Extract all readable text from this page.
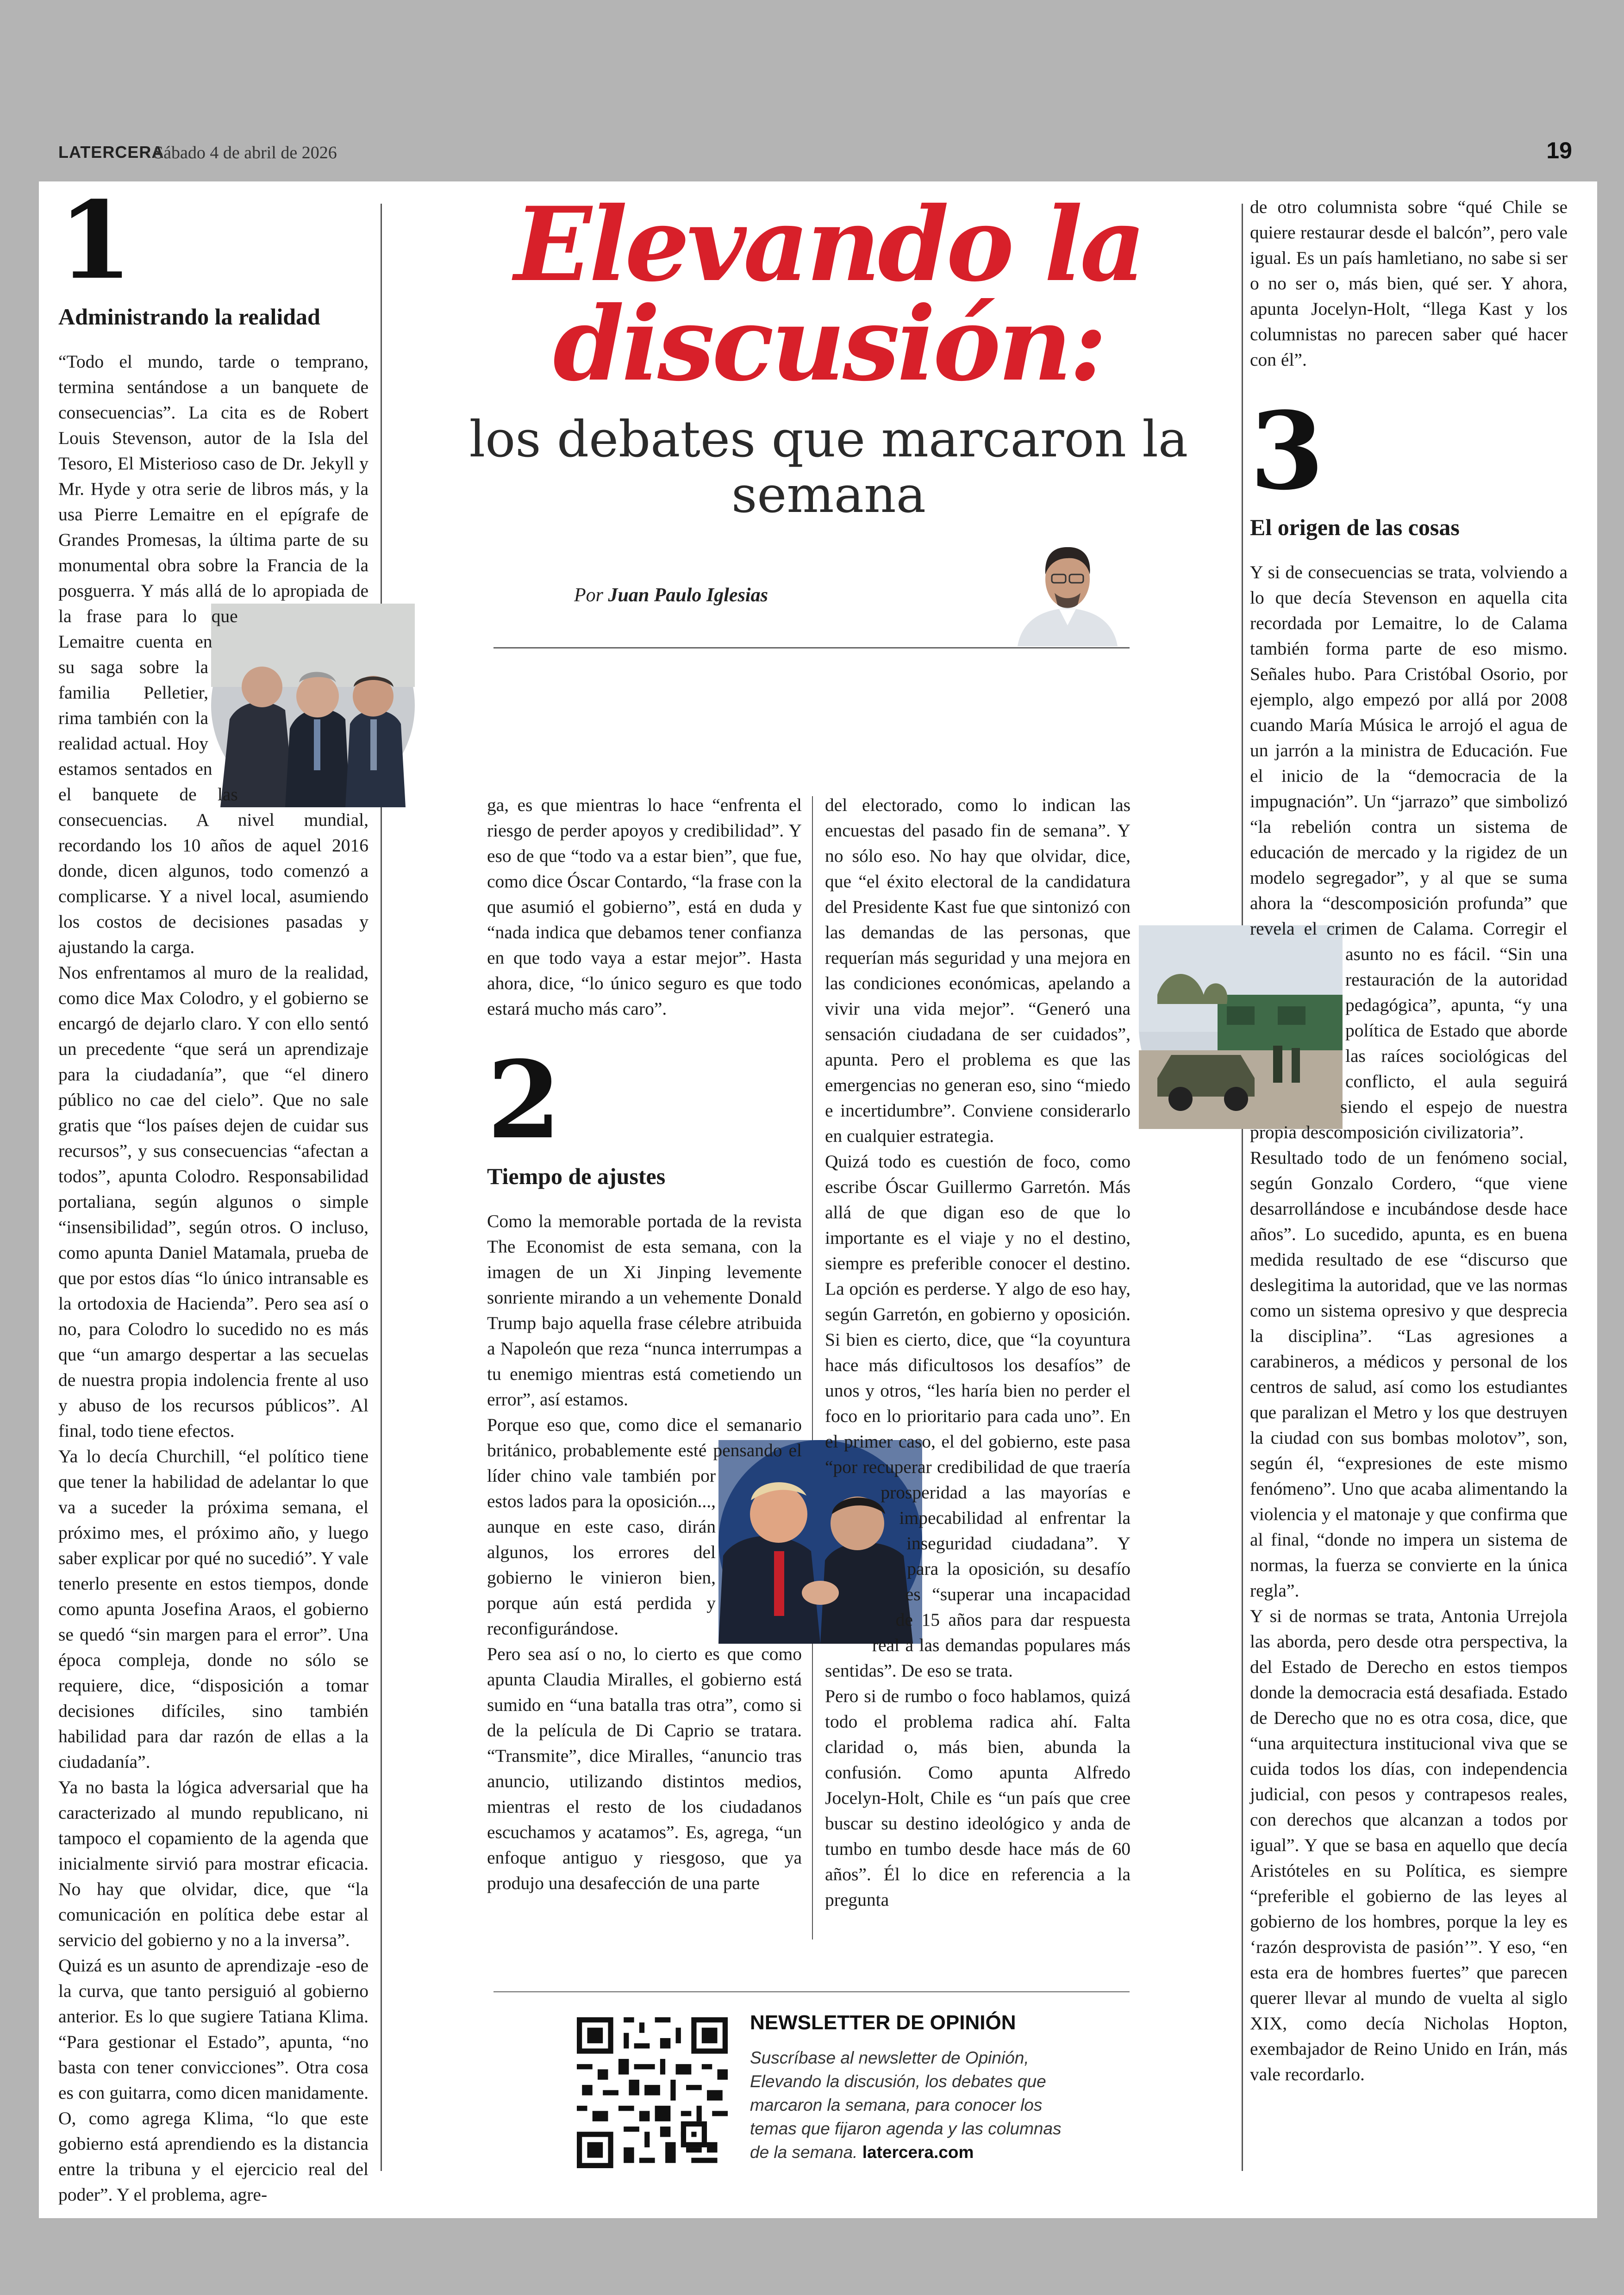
LATERCERA
Sábado 4 de abril de 2026	19
Elevando la
discusión:
los debates que marcaron la semana
Por Juan Paulo Iglesias
1
Administrando la realidad

“Todo el mundo, tarde o temprano, termina sentándose a un banquete de consecuencias”. La cita es de Robert Louis Stevenson, autor de la Isla del Tesoro, El Misterioso caso de Dr. Jekyll y Mr. Hyde y otra serie de libros más, y la usa Pierre Lemaitre en el epígrafe de Grandes Promesas, la última parte de su monumental obra sobre la Francia de la posguerra. Y más allá de lo apropiada de la frase para lo que Lemaitre cuenta en su saga sobre la familia Pelletier, rima también con la realidad actual. Hoy estamos sentados en el banquete de las consecuencias. A nivel mundial, recordando los 10 años de aquel 2016 donde, dicen algunos, todo comenzó a complicarse. Y a nivel local, asumiendo los costos de decisiones pasadas y ajustando la carga.

Nos enfrentamos al muro de la realidad, como dice Max Colodro, y el gobierno se encargó de dejarlo claro. Y con ello sentó un precedente “que será un aprendizaje para la ciudadanía”, que “el dinero público no cae del cielo”. Que no sale gratis que “los países dejen de cuidar sus recursos”, y sus consecuencias “afectan a todos”, apunta Colodro. Responsabilidad portaliana, según algunos o simple “insensibilidad”, según otros. O incluso, como apunta Daniel Matamala, prueba de que por estos días “lo único intransable es la ortodoxia de Hacienda”. Pero sea así o no, para Colodro lo sucedido no es más que “un amargo despertar a las secuelas de nuestra propia indolencia frente al uso y abuso de los recursos públicos”. Al final, todo tiene efectos.

Ya lo decía Churchill, “el político tiene que tener la habilidad de adelantar lo que va a suceder la próxima semana, el próximo mes, el próximo año, y luego saber explicar por qué no sucedió”. Y vale tenerlo presente en estos tiempos, donde como apunta Josefina Araos, el gobierno se quedó “sin margen para el error”. Una época compleja, donde no sólo se requiere, dice, “disposición a tomar decisiones difíciles, sino también habilidad para dar razón de ellas a la ciudadanía”.

Ya no basta la lógica adversarial que ha caracterizado al mundo republicano, ni tampoco el copamiento de la agenda que inicialmente sirvió para mostrar eficacia. No hay que olvidar, dice, que “la comunicación en política debe estar al servicio del gobierno y no a la inversa”.

Quizá es un asunto de aprendizaje -eso de la curva, que tanto persiguió al gobierno anterior. Es lo que sugiere Tatiana Klima. “Para gestionar el Estado”, apunta, “no basta con tener convicciones”. Otra cosa es con guitarra, como dicen manidamente. O, como agrega Klima, “lo que este gobierno está aprendiendo es la distancia entre la tribuna y el ejercicio real del poder”. Y el problema, agre-

ga, es que mientras lo hace “enfrenta el riesgo de perder apoyos y credibilidad”. Y eso de que “todo va a estar bien”, que fue, como dice Óscar Contardo, “la frase con la que asumió el gobierno”, está en duda y “nada indica que debamos tener confianza en que todo vaya a estar mejor”. Hasta ahora, dice, “lo único seguro es que todo estará mucho más caro”.

2
Tiempo de ajustes

Como la memorable portada de la revista The Economist de esta semana, con la imagen de un Xi Jinping levemente sonriente mirando a un vehemente Donald Trump bajo aquella frase célebre atribuida a Napoleón que reza “nunca interrumpas a tu enemigo mientras está cometiendo un error”, así estamos.

Porque eso que, como dice el semanario británico, probablemente esté pensando el líder chino vale también por estos lados para la oposición..., aunque en este caso, dirán algunos, los errores del gobierno le vinieron bien, porque aún está perdida y reconfigurándose.

Pero sea así o no, lo cierto es que como apunta Claudia Miralles, el gobierno está sumido en “una batalla tras otra”, como si de la película de Di Caprio se tratara. “Transmite”, dice Miralles, “anuncio tras anuncio, utilizando distintos medios, mientras el resto de los ciudadanos escuchamos y acatamos”. Es, agrega, “un enfoque antiguo y riesgoso, que ya produjo una desafección de una parte

del electorado, como lo indican las encuestas del pasado fin de semana”. Y no sólo eso. No hay que olvidar, dice, que “el éxito electoral de la candidatura del Presidente Kast fue que sintonizó con las demandas de las personas, que requerían más seguridad y una mejora en las condiciones económicas, apelando a vivir una vida mejor”. “Generó una sensación ciudadana de ser cuidados”, apunta. Pero el problema es que las emergencias no generan eso, sino “miedo e incertidumbre”. Conviene considerarlo en cualquier estrategia.

Quizá todo es cuestión de foco, como escribe Óscar Guillermo Garretón. Más allá de que digan eso de que lo importante es el viaje y no el destino, siempre es preferible conocer el destino. La opción es perderse. Y algo de eso hay, según Garretón, en gobierno y oposición. Si bien es cierto, dice, que “la coyuntura hace más dificultosos los desafíos” de unos y otros, “les haría bien no perder el foco en lo prioritario para cada uno”. En el primer caso, el del gobierno, este pasa “por recuperar credibilidad de que traería prosperidad a las mayorías e impecabilidad al enfrentar la inseguridad ciudadana”. Y para la oposición, su desafío es “superar una incapacidad de 15 años para dar respuesta real a las demandas populares más sentidas”. De eso se trata.

Pero si de rumbo o foco hablamos, quizá todo el problema radica ahí. Falta claridad o, más bien, abunda la confusión. Como apunta Alfredo Jocelyn-Holt, Chile es “un país que cree buscar su destino ideológico y anda de tumbo en tumbo desde hace más de 60 años”. Él lo dice en referencia a la pregunta

de otro columnista sobre “qué Chile se quiere restaurar desde el balcón”, pero vale igual. Es un país hamletiano, no sabe si ser o no ser o, más bien, qué ser. Y ahora, apunta Jocelyn-Holt, “llega Kast y los columnistas no parecen saber qué hacer con él”.

3
El origen de las cosas

Y si de consecuencias se trata, volviendo a lo que decía Stevenson en aquella cita recordada por Lemaitre, lo de Calama también forma parte de eso mismo. Señales hubo. Para Cristóbal Osorio, por ejemplo, algo empezó por allá por 2008 cuando María Música le arrojó el agua de un jarrón a la ministra de Educación. Fue el inicio de la “democracia de la impugnación”. Un “jarrazo” que simbolizó “la rebelión contra un sistema de educación de mercado y la rigidez de un modelo segregador”, y al que se suma ahora la “descomposición profunda” que revela el crimen de Calama. Corregir el asunto no es fácil. “Sin una restauración de la autoridad pedagógica”, apunta, “y una política de Estado que aborde las raíces sociológicas del conflicto, el aula seguirá siendo el espejo de nuestra propia descomposición civilizatoria”.

Resultado todo de un fenómeno social, según Gonzalo Cordero, “que viene desarrollándose e incubándose desde hace años”. Lo sucedido, apunta, es en buena medida resultado de ese “discurso que deslegitima la autoridad, que ve las normas como un sistema opresivo y que desprecia la disciplina”. “Las agresiones a carabineros, a médicos y personal de los centros de salud, así como los estudiantes que paralizan el Metro y los que destruyen la ciudad con sus bombas molotov”, son, según él, “expresiones de este mismo fenómeno”. Uno que acaba alimentando la violencia y el matonaje y que confirma que al final, “donde no impera un sistema de normas, la fuerza se convierte en la única regla”.

Y si de normas se trata, Antonia Urrejola las aborda, pero desde otra perspectiva, la del Estado de Derecho en estos tiempos donde la democracia está desafiada. Estado de Derecho que no es otra cosa, dice, que “una arquitectura institucional viva que se cuida todos los días, con independencia judicial, con pesos y contrapesos reales, con derechos que alcanzan a todos por igual”. Y que se basa en aquello que decía Aristóteles en su Política, es siempre “preferible el gobierno de las leyes al gobierno de los hombres, porque la ley es ‘razón desprovista de pasión’”. Y eso, “en esta era de hombres fuertes” que parecen querer llevar al mundo de vuelta al siglo XIX, como decía Nicholas Hopton, exembajador de Reino Unido en Irán, más vale recordarlo.

NEWSLETTER DE OPINIÓN
Suscríbase al newsletter de Opinión, Elevando la discusión, los debates que marcaron la semana, para conocer los temas que fijaron agenda y las columnas de la semana. latercera.com
